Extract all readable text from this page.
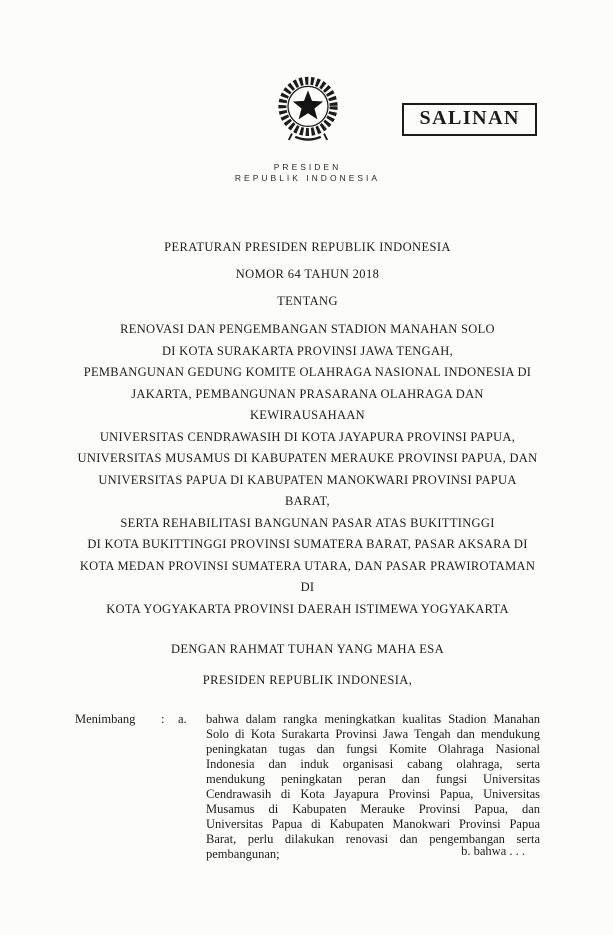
SALINAN
PRESIDEN
REPUBLIK INDONESIA
PERATURAN PRESIDEN REPUBLIK INDONESIA
NOMOR 64 TAHUN 2018
TENTANG
RENOVASI DAN PENGEMBANGAN STADION MANAHAN SOLO
DI KOTA SURAKARTA PROVINSI JAWA TENGAH,
PEMBANGUNAN GEDUNG KOMITE OLAHRAGA NASIONAL INDONESIA DI
JAKARTA, PEMBANGUNAN PRASARANA OLAHRAGA DAN KEWIRAUSAHAAN
UNIVERSITAS CENDRAWASIH DI KOTA JAYAPURA PROVINSI PAPUA,
UNIVERSITAS MUSAMUS DI KABUPATEN MERAUKE PROVINSI PAPUA, DAN
UNIVERSITAS PAPUA DI KABUPATEN MANOKWARI PROVINSI PAPUA BARAT,
SERTA REHABILITASI BANGUNAN PASAR ATAS BUKITTINGGI
DI KOTA BUKITTINGGI PROVINSI SUMATERA BARAT, PASAR AKSARA DI
KOTA MEDAN PROVINSI SUMATERA UTARA, DAN PASAR PRAWIROTAMAN DI
KOTA YOGYAKARTA PROVINSI DAERAH ISTIMEWA YOGYAKARTA
DENGAN RAHMAT TUHAN YANG MAHA ESA
PRESIDEN REPUBLIK INDONESIA,
Menimbang	:	a.	bahwa dalam rangka meningkatkan kualitas Stadion Manahan Solo di Kota Surakarta Provinsi Jawa Tengah dan mendukung peningkatan tugas dan fungsi Komite Olahraga Nasional Indonesia dan induk organisasi cabang olahraga, serta mendukung peningkatan peran dan fungsi Universitas Cendrawasih di Kota Jayapura Provinsi Papua, Universitas Musamus di Kabupaten Merauke Provinsi Papua, dan Universitas Papua di Kabupaten Manokwari Provinsi Papua Barat, perlu dilakukan renovasi dan pengembangan serta pembangunan;	b. bahwa . . .
